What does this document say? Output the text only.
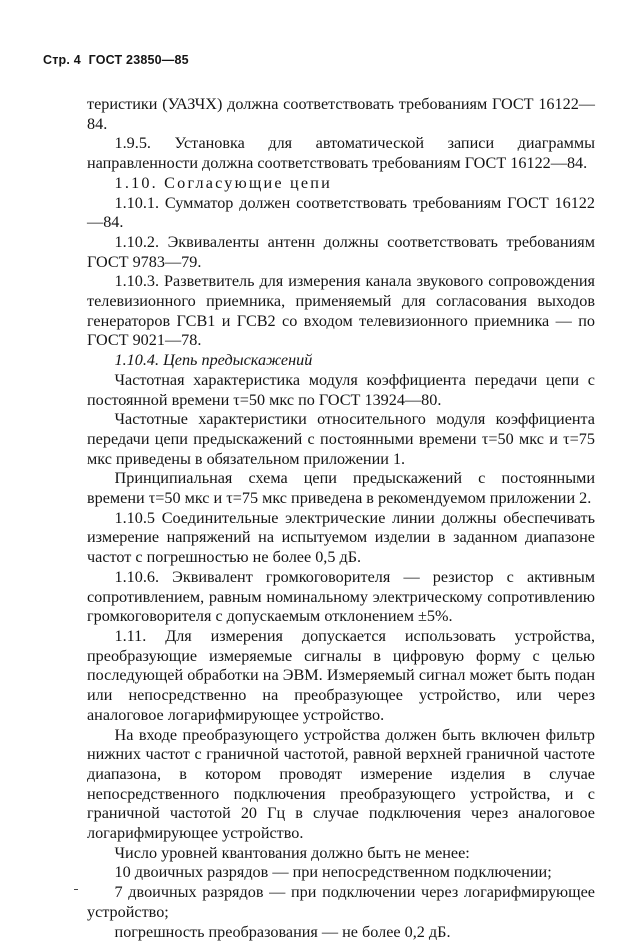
Стр. 4 ГОСТ 23850—85

теристики (УАЗЧХ) должна соответствовать требованиям ГОСТ 16122—84.

1.9.5. Установка для автоматической записи диаграммы направленности должна соответствовать требованиям ГОСТ 16122—84.

1.10. Согласующие цепи

1.10.1. Сумматор должен соответствовать требованиям ГОСТ 16122—84.

1.10.2. Эквиваленты антенн должны соответствовать требованиям ГОСТ 9783—79.

1.10.3. Разветвитель для измерения канала звукового сопровождения телевизионного приемника, применяемый для согласования выходов генераторов ГСВ1 и ГСВ2 со входом телевизионного приемника — по ГОСТ 9021—78.

1.10.4. Цепь предыскажений

Частотная характеристика модуля коэффициента передачи цепи с постоянной времени τ=50 мкс по ГОСТ 13924—80.

Частотные характеристики относительного модуля коэффициента передачи цепи предыскажений с постоянными времени τ=50 мкс и τ=75 мкс приведены в обязательном приложении 1.

Принципиальная схема цепи предыскажений с постоянными времени τ=50 мкс и τ=75 мкс приведена в рекомендуемом приложении 2.

1.10.5 Соединительные электрические линии должны обеспечивать измерение напряжений на испытуемом изделии в заданном диапазоне частот с погрешностью не более 0,5 дБ.

1.10.6. Эквивалент громкоговорителя — резистор с активным сопротивлением, равным номинальному электрическому сопротивлению громкоговорителя с допускаемым отклонением ±5%.

1.11. Для измерения допускается использовать устройства, преобразующие измеряемые сигналы в цифровую форму с целью последующей обработки на ЭВМ. Измеряемый сигнал может быть подан или непосредственно на преобразующее устройство, или через аналоговое логарифмирующее устройство.

На входе преобразующего устройства должен быть включен фильтр нижних частот с граничной частотой, равной верхней граничной частоте диапазона, в котором проводят измерение изделия в случае непосредственного подключения преобразующего устройства, и с граничной частотой 20 Гц в случае подключения через аналоговое логарифмирующее устройство.

Число уровней квантования должно быть не менее:

10 двоичных разрядов — при непосредственном подключении;

7 двоичных разрядов — при подключении через логарифмирующее устройство;

погрешность преобразования — не более 0,2 дБ.
